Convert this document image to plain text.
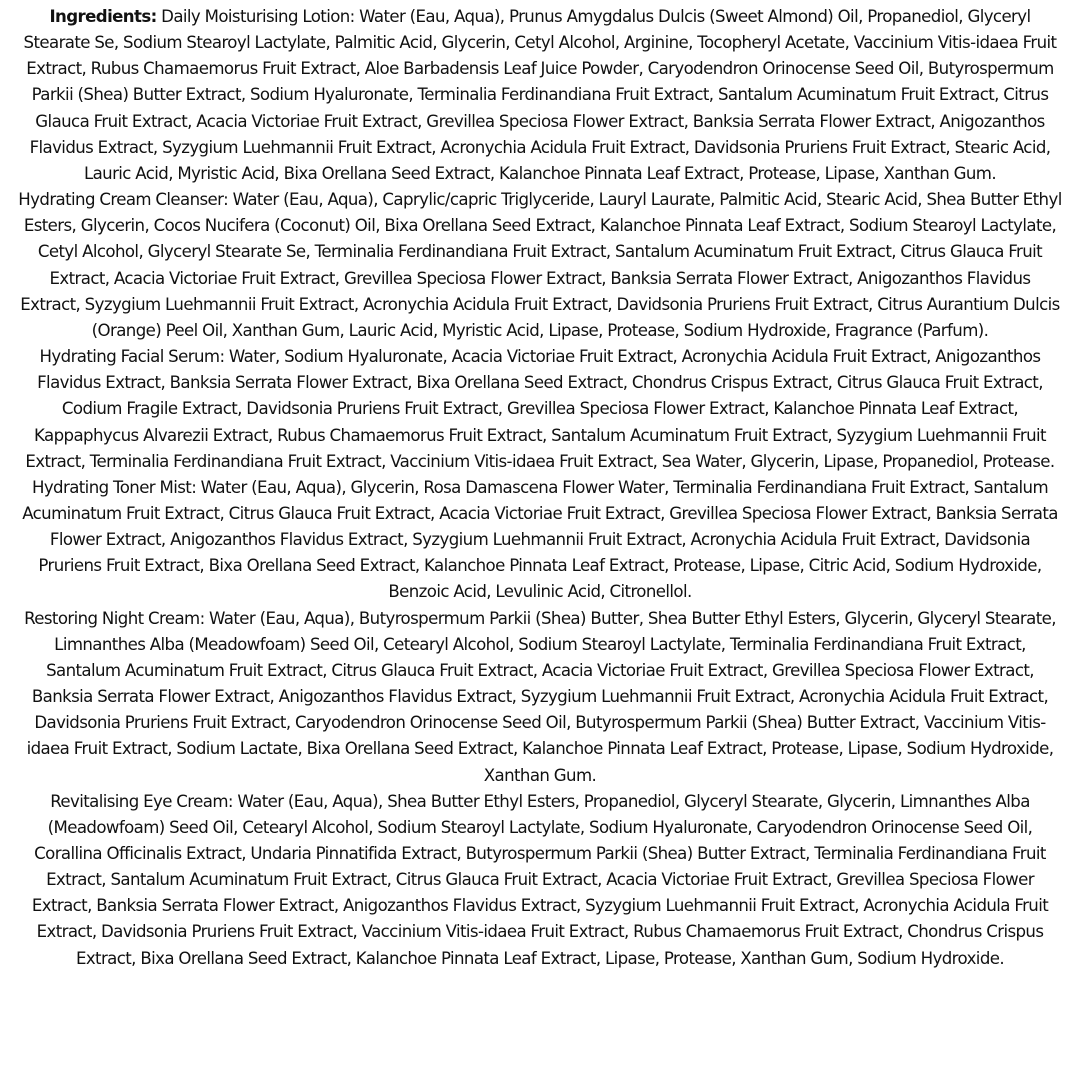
Ingredients: Daily Moisturising Lotion: Water (Eau, Aqua), Prunus Amygdalus Dulcis (Sweet Almond) Oil, Propanediol, Glyceryl Stearate Se, Sodium Stearoyl Lactylate, Palmitic Acid, Glycerin, Cetyl Alcohol, Arginine, Tocopheryl Acetate, Vaccinium Vitis-idaea Fruit Extract, Rubus Chamaemorus Fruit Extract, Aloe Barbadensis Leaf Juice Powder, Caryodendron Orinocense Seed Oil, Butyrospermum Parkii (Shea) Butter Extract, Sodium Hyaluronate, Terminalia Ferdinandiana Fruit Extract, Santalum Acuminatum Fruit Extract, Citrus Glauca Fruit Extract, Acacia Victoriae Fruit Extract, Grevillea Speciosa Flower Extract, Banksia Serrata Flower Extract, Anigozanthos Flavidus Extract, Syzygium Luehmannii Fruit Extract, Acronychia Acidula Fruit Extract, Davidsonia Pruriens Fruit Extract, Stearic Acid, Lauric Acid, Myristic Acid, Bixa Orellana Seed Extract, Kalanchoe Pinnata Leaf Extract, Protease, Lipase, Xanthan Gum.

Hydrating Cream Cleanser: Water (Eau, Aqua), Caprylic/capric Triglyceride, Lauryl Laurate, Palmitic Acid, Stearic Acid, Shea Butter Ethyl Esters, Glycerin, Cocos Nucifera (Coconut) Oil, Bixa Orellana Seed Extract, Kalanchoe Pinnata Leaf Extract, Sodium Stearoyl Lactylate, Cetyl Alcohol, Glyceryl Stearate Se, Terminalia Ferdinandiana Fruit Extract, Santalum Acuminatum Fruit Extract, Citrus Glauca Fruit Extract, Acacia Victoriae Fruit Extract, Grevillea Speciosa Flower Extract, Banksia Serrata Flower Extract, Anigozanthos Flavidus Extract, Syzygium Luehmannii Fruit Extract, Acronychia Acidula Fruit Extract, Davidsonia Pruriens Fruit Extract, Citrus Aurantium Dulcis (Orange) Peel Oil, Xanthan Gum, Lauric Acid, Myristic Acid, Lipase, Protease, Sodium Hydroxide, Fragrance (Parfum).

Hydrating Facial Serum: Water, Sodium Hyaluronate, Acacia Victoriae Fruit Extract, Acronychia Acidula Fruit Extract, Anigozanthos Flavidus Extract, Banksia Serrata Flower Extract, Bixa Orellana Seed Extract, Chondrus Crispus Extract, Citrus Glauca Fruit Extract, Codium Fragile Extract, Davidsonia Pruriens Fruit Extract, Grevillea Speciosa Flower Extract, Kalanchoe Pinnata Leaf Extract, Kappaphycus Alvarezii Extract, Rubus Chamaemorus Fruit Extract, Santalum Acuminatum Fruit Extract, Syzygium Luehmannii Fruit Extract, Terminalia Ferdinandiana Fruit Extract, Vaccinium Vitis-idaea Fruit Extract, Sea Water, Glycerin, Lipase, Propanediol, Protease.

Hydrating Toner Mist: Water (Eau, Aqua), Glycerin, Rosa Damascena Flower Water, Terminalia Ferdinandiana Fruit Extract, Santalum Acuminatum Fruit Extract, Citrus Glauca Fruit Extract, Acacia Victoriae Fruit Extract, Grevillea Speciosa Flower Extract, Banksia Serrata Flower Extract, Anigozanthos Flavidus Extract, Syzygium Luehmannii Fruit Extract, Acronychia Acidula Fruit Extract, Davidsonia Pruriens Fruit Extract, Bixa Orellana Seed Extract, Kalanchoe Pinnata Leaf Extract, Protease, Lipase, Citric Acid, Sodium Hydroxide, Benzoic Acid, Levulinic Acid, Citronellol.

Restoring Night Cream: Water (Eau, Aqua), Butyrospermum Parkii (Shea) Butter, Shea Butter Ethyl Esters, Glycerin, Glyceryl Stearate, Limnanthes Alba (Meadowfoam) Seed Oil, Cetearyl Alcohol, Sodium Stearoyl Lactylate, Terminalia Ferdinandiana Fruit Extract, Santalum Acuminatum Fruit Extract, Citrus Glauca Fruit Extract, Acacia Victoriae Fruit Extract, Grevillea Speciosa Flower Extract, Banksia Serrata Flower Extract, Anigozanthos Flavidus Extract, Syzygium Luehmannii Fruit Extract, Acronychia Acidula Fruit Extract, Davidsonia Pruriens Fruit Extract, Caryodendron Orinocense Seed Oil, Butyrospermum Parkii (Shea) Butter Extract, Vaccinium Vitis-idaea Fruit Extract, Sodium Lactate, Bixa Orellana Seed Extract, Kalanchoe Pinnata Leaf Extract, Protease, Lipase, Sodium Hydroxide, Xanthan Gum.

Revitalising Eye Cream: Water (Eau, Aqua), Shea Butter Ethyl Esters, Propanediol, Glyceryl Stearate, Glycerin, Limnanthes Alba (Meadowfoam) Seed Oil, Cetearyl Alcohol, Sodium Stearoyl Lactylate, Sodium Hyaluronate, Caryodendron Orinocense Seed Oil, Corallina Officinalis Extract, Undaria Pinnatifida Extract, Butyrospermum Parkii (Shea) Butter Extract, Terminalia Ferdinandiana Fruit Extract, Santalum Acuminatum Fruit Extract, Citrus Glauca Fruit Extract, Acacia Victoriae Fruit Extract, Grevillea Speciosa Flower Extract, Banksia Serrata Flower Extract, Anigozanthos Flavidus Extract, Syzygium Luehmannii Fruit Extract, Acronychia Acidula Fruit Extract, Davidsonia Pruriens Fruit Extract, Vaccinium Vitis-idaea Fruit Extract, Rubus Chamaemorus Fruit Extract, Chondrus Crispus Extract, Bixa Orellana Seed Extract, Kalanchoe Pinnata Leaf Extract, Lipase, Protease, Xanthan Gum, Sodium Hydroxide.
